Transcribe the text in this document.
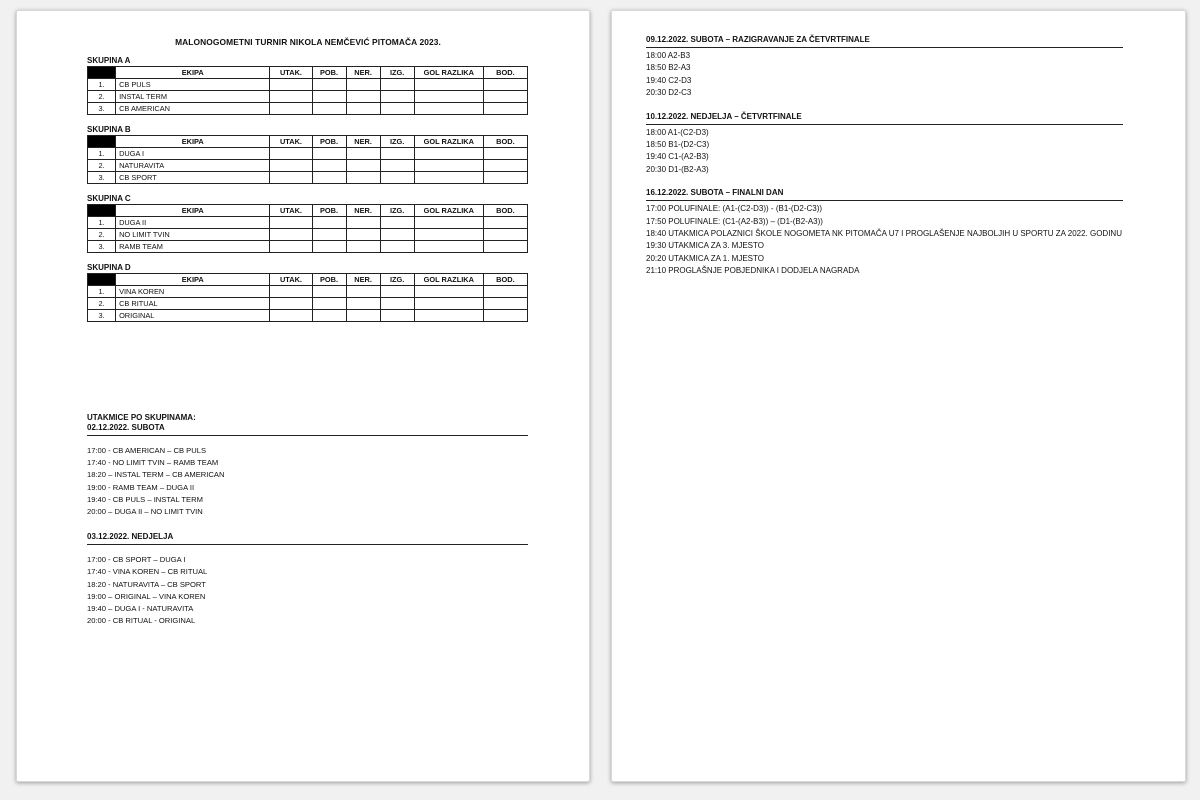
MALONOGOMETNI TURNIR NIKOLA NEMČEVIĆ PITOMAČA 2023.
SKUPINA A
	EKIPA	UTAK.	POB.	NER.	IZG.	GOL RAZLIKA	BOD.
1.	CB PULS						
2.	INSTAL TERM						
3.	CB AMERICAN						
SKUPINA B
	EKIPA	UTAK.	POB.	NER.	IZG.	GOL RAZLIKA	BOD.
1.	DUGA I						
2.	NATURAVITA						
3.	CB SPORT						
SKUPINA C
	EKIPA	UTAK.	POB.	NER.	IZG.	GOL RAZLIKA	BOD.
1.	DUGA II						
2.	NO LIMIT TVIN						
3.	RAMB TEAM						
SKUPINA D
	EKIPA	UTAK.	POB.	NER.	IZG.	GOL RAZLIKA	BOD.
1.	VINA KOREN						
2.	CB RITUAL						
3.	ORIGINAL						
UTAKMICE PO SKUPINAMA:
02.12.2022. SUBOTA
17:00 - CB AMERICAN – CB PULS
17:40 - NO LIMIT TVIN – RAMB TEAM
18:20 – INSTAL TERM – CB AMERICAN
19:00 - RAMB TEAM – DUGA II
19:40 - CB PULS – INSTAL TERM
20:00 – DUGA II – NO LIMIT TVIN
03.12.2022. NEDJELJA
17:00 - CB SPORT – DUGA I
17:40 - VINA KOREN – CB RITUAL
18:20 - NATURAVITA – CB SPORT
19:00 – ORIGINAL – VINA KOREN
19:40 – DUGA I - NATURAVITA
20:00 - CB RITUAL - ORIGINAL
09.12.2022. SUBOTA – RAZIGRAVANJE ZA ČETVRTFINALE
18:00 A2-B3
18:50 B2-A3
19:40 C2-D3
20:30 D2-C3
10.12.2022. NEDJELJA – ČETVRTFINALE
18:00 A1-(C2-D3)
18:50 B1-(D2-C3)
19:40 C1-(A2-B3)
20:30 D1-(B2-A3)
16.12.2022. SUBOTA – FINALNI DAN
17:00 POLUFINALE: (A1-(C2-D3)) - (B1-(D2-C3))
17:50 POLUFINALE: (C1-(A2-B3)) – (D1-(B2-A3))
18:40 UTAKMICA POLAZNICI ŠKOLE NOGOMETA NK PITOMAČA U7 I PROGLAŠENJE NAJBOLJIH U SPORTU ZA 2022. GODINU
19:30 UTAKMICA ZA 3. MJESTO
20:20 UTAKMICA ZA 1. MJESTO
21:10 PROGLAŠNJE POBJEDNIKA I DODJELA NAGRADA
